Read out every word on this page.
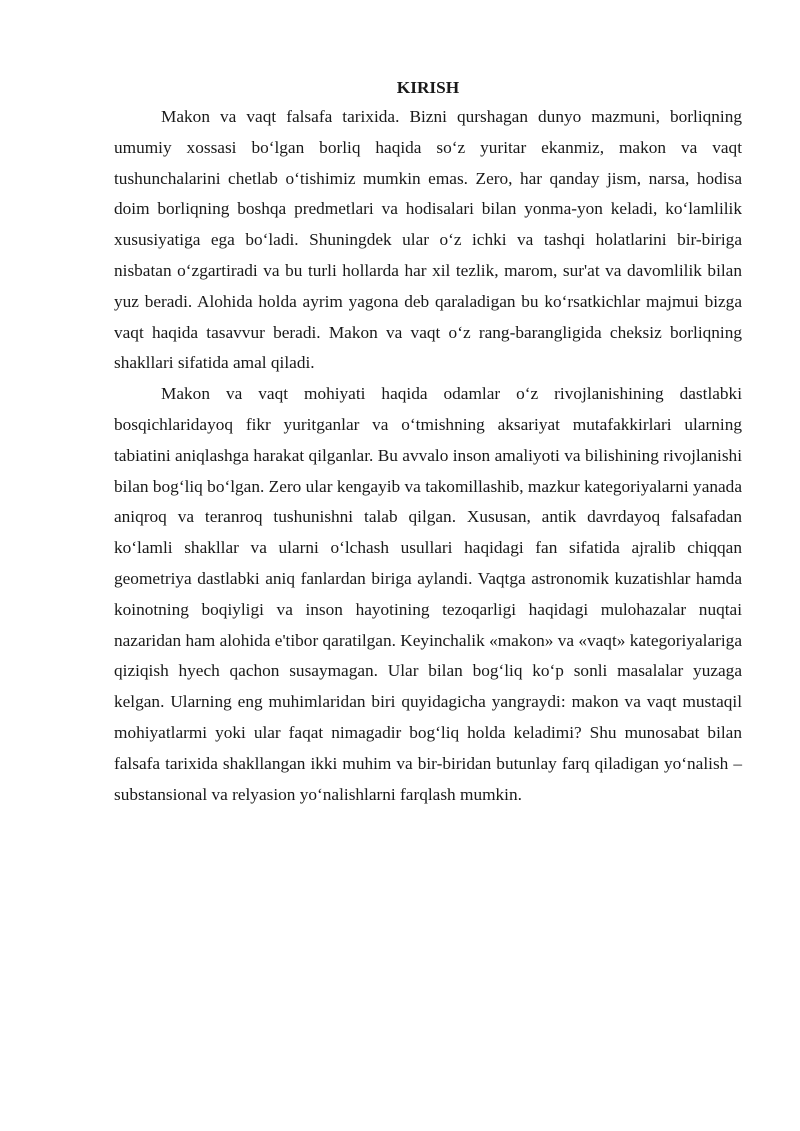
KIRISH

Makon va vaqt falsafa tarixida. Bizni qurshagan dunyo mazmuni, borliqning umumiy xossasi boʻlgan borliq haqida soʻz yuritar ekanmiz, makon va vaqt tushunchalarini chetlab oʻtishimiz mumkin emas. Zero, har qanday jism, narsa, hodisa doim borliqning boshqa predmetlari va hodisalari bilan yonma-yon keladi, koʻlamlilik xususiyatiga ega boʻladi. Shuningdek ular oʻz ichki va tashqi holatlarini bir-biriga nisbatan oʻzgartiradi va bu turli hollarda har xil tezlik, marom, sur'at va davomlilik bilan yuz beradi. Alohida holda ayrim yagona deb qaraladigan bu koʻrsatkichlar majmui bizga vaqt haqida tasavvur beradi. Makon va vaqt oʻz rang-barangligida cheksiz borliqning shakllari sifatida amal qiladi.

Makon va vaqt mohiyati haqida odamlar oʻz rivojlanishining dastlabki bosqichlaridayoq fikr yuritganlar va oʻtmishning aksariyat mutafakkirlari ularning tabiatini aniqlashga harakat qilganlar. Bu avvalo inson amaliyoti va bilishining rivojlanishi bilan bogʻliq boʻlgan. Zero ular kengayib va takomillashib, mazkur kategoriyalarni yanada aniqroq va teranroq tushunishni talab qilgan. Xususan, antik davrdayoq falsafadan koʻlamli shakllar va ularni oʻlchash usullari haqidagi fan sifatida ajralib chiqqan geometriya dastlabki aniq fanlardan biriga aylandi. Vaqtga astronomik kuzatishlar hamda koinotning boqiyligi va inson hayotining tezoqarligi haqidagi mulohazalar nuqtai nazaridan ham alohida e'tibor qaratilgan. Keyinchalik «makon» va «vaqt» kategoriyalariga qiziqish hyech qachon susaymagan. Ular bilan bogʻliq koʻp sonli masalalar yuzaga kelgan. Ularning eng muhimlaridan biri quyidagicha yangraydi: makon va vaqt mustaqil mohiyatlarmi yoki ular faqat nimagadir bogʻliq holda keladimi? Shu munosabat bilan falsafa tarixida shakllangan ikki muhim va bir-biridan butunlay farq qiladigan yoʻnalish – substansional va relyasion yoʻnalishlarni farqlash mumkin.
